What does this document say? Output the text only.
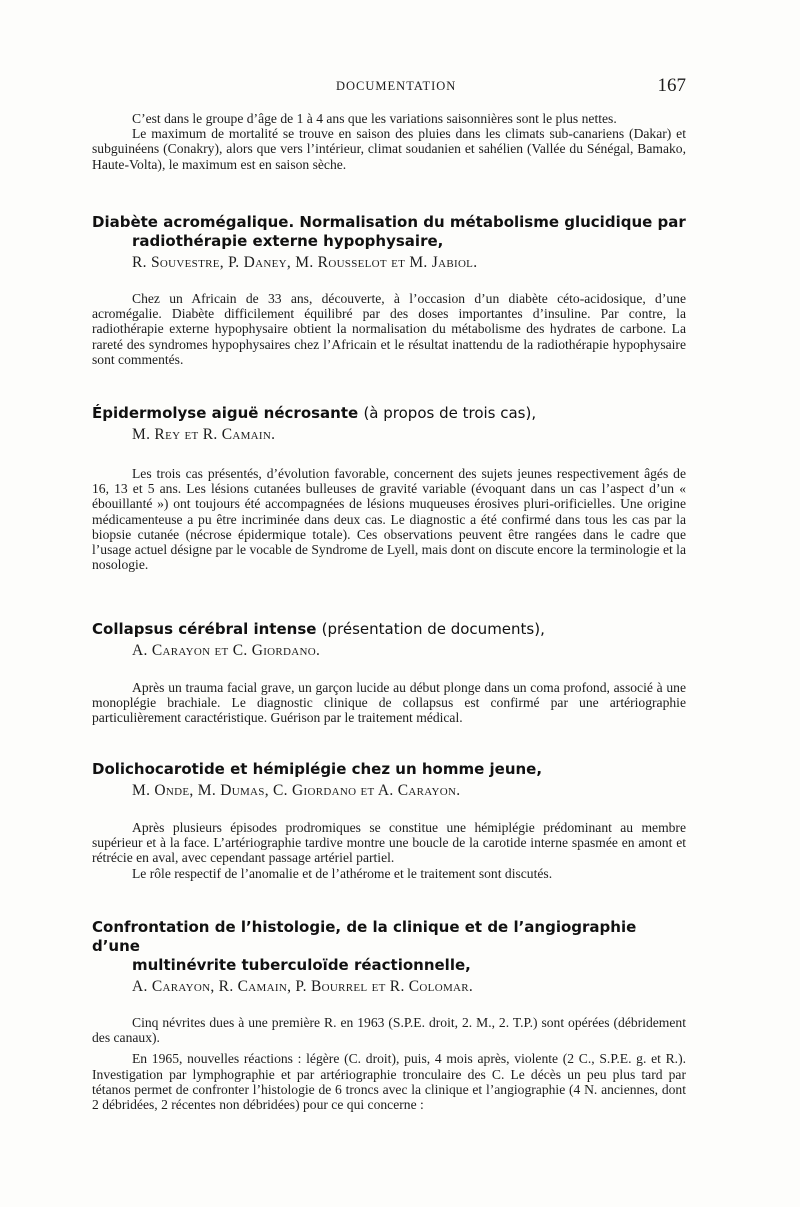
DOCUMENTATION	167

C’est dans le groupe d’âge de 1 à 4 ans que les variations saisonnières sont le plus nettes.

Le maximum de mortalité se trouve en saison des pluies dans les climats sub-canariens (Dakar) et subguinéens (Conakry), alors que vers l’intérieur, climat soudanien et sahélien (Vallée du Sénégal, Bamako, Haute-Volta), le maximum est en saison sèche.

Diabète acromégalique. Normalisation du métabolisme glucidique par
radiothérapie externe hypophysaire,
R. Souvestre, P. Daney, M. Rousselot et M. Jabiol.

Chez un Africain de 33 ans, découverte, à l’occasion d’un diabète céto-acidosique, d’une acromégalie. Diabète difficilement équilibré par des doses importantes d’insuline. Par contre, la radiothérapie externe hypophysaire obtient la normalisation du métabolisme des hydrates de carbone. La rareté des syndromes hypophysaires chez l’Africain et le résultat inattendu de la radiothérapie hypophysaire sont commentés.

Épidermolyse aiguë nécrosante (à propos de trois cas),
M. Rey et R. Camain.

Les trois cas présentés, d’évolution favorable, concernent des sujets jeunes respectivement âgés de 16, 13 et 5 ans. Les lésions cutanées bulleuses de gravité variable (évoquant dans un cas l’aspect d’un « ébouillanté ») ont toujours été accompagnées de lésions muqueuses érosives pluri-orificielles. Une origine médicamenteuse a pu être incriminée dans deux cas. Le diagnostic a été confirmé dans tous les cas par la biopsie cutanée (nécrose épidermique totale). Ces observations peuvent être rangées dans le cadre que l’usage actuel désigne par le vocable de Syndrome de Lyell, mais dont on discute encore la terminologie et la nosologie.

Collapsus cérébral intense (présentation de documents),
A. Carayon et C. Giordano.

Après un trauma facial grave, un garçon lucide au début plonge dans un coma profond, associé à une monoplégie brachiale. Le diagnostic clinique de collapsus est confirmé par une artériographie particulièrement caractéristique. Guérison par le traitement médical.

Dolichocarotide et hémiplégie chez un homme jeune,
M. Onde, M. Dumas, C. Giordano et A. Carayon.

Après plusieurs épisodes prodromiques se constitue une hémiplégie prédominant au membre supérieur et à la face. L’artériographie tardive montre une boucle de la carotide interne spasmée en amont et rétrécie en aval, avec cependant passage artériel partiel.

Le rôle respectif de l’anomalie et de l’athérome et le traitement sont discutés.

Confrontation de l’histologie, de la clinique et de l’angiographie d’une
multinévrite tuberculoïde réactionnelle,
A. Carayon, R. Camain, P. Bourrel et R. Colomar.

Cinq névrites dues à une première R. en 1963 (S.P.E. droit, 2. M., 2. T.P.) sont opérées (débridement des canaux).

En 1965, nouvelles réactions : légère (C. droit), puis, 4 mois après, violente (2 C., S.P.E. g. et R.). Investigation par lymphographie et par artériographie tronculaire des C. Le décès un peu plus tard par tétanos permet de confronter l’histologie de 6 troncs avec la clinique et l’angiographie (4 N. anciennes, dont 2 débridées, 2 récentes non débridées) pour ce qui concerne :
